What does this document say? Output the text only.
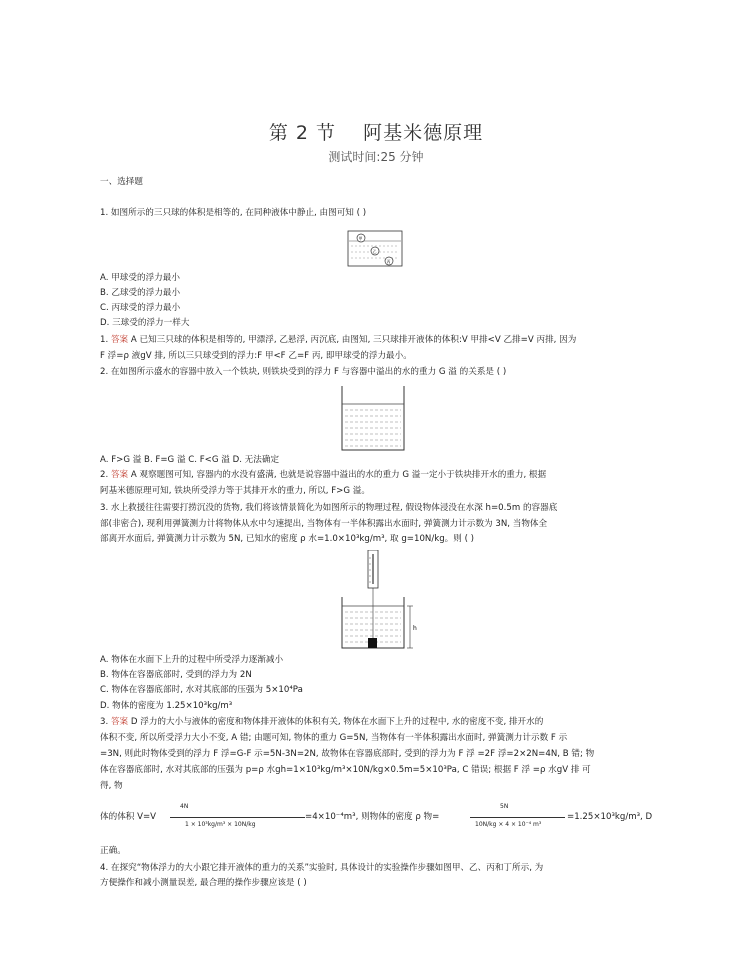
第 2 节　 阿基米德原理
测试时间:25 分钟
一、选择题
1. 如图所示的三只球的体积是相等的, 在同种液体中静止, 由图可知 ( )
甲
乙
丙
A. 甲球受的浮力最小
B. 乙球受的浮力最小
C. 丙球受的浮力最小
D. 三球受的浮力一样大
1. 答案 A 已知三只球的体积是相等的, 甲漂浮, 乙悬浮, 丙沉底, 由图知, 三只球排开液体的体积:V 甲排<V 乙排=V 丙排, 因为
F 浮=ρ 液gV 排, 所以三只球受到的浮力:F 甲<F 乙=F 丙, 即甲球受的浮力最小。
2. 在如图所示盛水的容器中放入一个铁块, 则铁块受到的浮力 F 与容器中溢出的水的重力 G 溢 的关系是 ( )
A. F>G 溢 B. F=G 溢 C. F<G 溢 D. 无法确定
2. 答案 A 观察题图可知, 容器内的水没有盛满, 也就是说容器中溢出的水的重力 G 溢一定小于铁块排开水的重力, 根据
阿基米德原理可知, 铁块所受浮力等于其排开水的重力, 所以, F>G 溢。
3. 水上救援往往需要打捞沉没的货物, 我们将该情景简化为如图所示的物理过程, 假设物体浸没在水深 h=0.5m 的容器底
部(非密合), 现利用弹簧测力计将物体从水中匀速提出, 当物体有一半体积露出水面时, 弹簧测力计示数为 3N, 当物体全
部离开水面后, 弹簧测力计示数为 5N, 已知水的密度 ρ 水=1.0×10³kg/m³, 取 g=10N/kg。则 ( )
h
A. 物体在水面下上升的过程中所受浮力逐渐减小
B. 物体在容器底部时, 受到的浮力为 2N
C. 物体在容器底部时, 水对其底部的压强为 5×10⁴Pa
D. 物体的密度为 1.25×10³kg/m³
3. 答案 D 浮力的大小与液体的密度和物体排开液体的体积有关, 物体在水面下上升的过程中, 水的密度不变, 排开水的
体积不变, 所以所受浮力大小不变, A 错; 由题可知, 物体的重力 G=5N, 当物体有一半体积露出水面时, 弹簧测力计示数 F 示
=3N, 则此时物体受到的浮力 F 浮=G-F 示=5N-3N=2N, 故物体在容器底部时, 受到的浮力为 F 浮 =2F 浮=2×2N=4N, B 错; 物
体在容器底部时, 水对其底部的压强为 p=ρ 水gh=1×10³kg/m³×10N/kg×0.5m=5×10³Pa, C 错误; 根据 F 浮 =ρ 水gV 排 可
得, 物
体的体积 V=V
4N
1 × 10³kg/m³ × 10N/kg
=4×10⁻⁴m³, 则物体的密度 ρ 物=
5N
10N/kg × 4 × 10⁻⁴ m³
=1.25×10³kg/m³, D
正确。
4. 在探究“物体浮力的大小跟它排开液体的重力的关系”实验时, 具体设计的实验操作步骤如图甲、乙、丙和丁所示, 为
方便操作和减小测量误差, 最合理的操作步骤应该是 ( )
